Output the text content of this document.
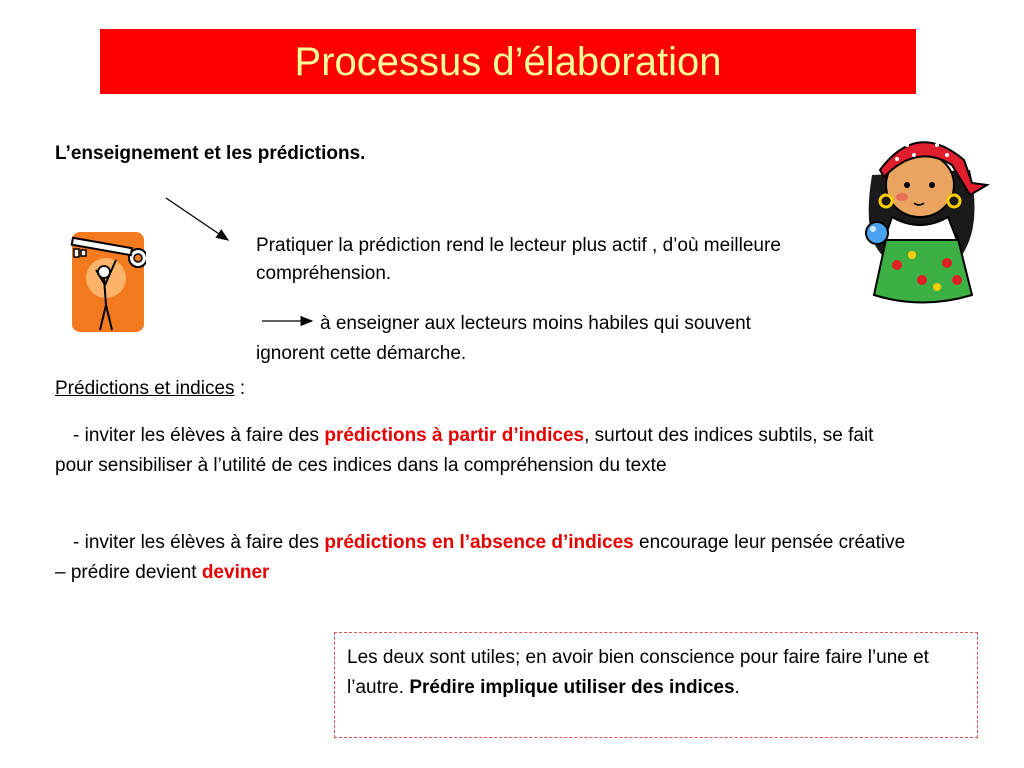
Processus d’élaboration
L’enseignement et les prédictions.
Pratiquer la prédiction rend le lecteur plus actif , d’où meilleure compréhension.
à enseigner aux lecteurs moins habiles qui souvent ignorent cette démarche.
Prédictions et indices :
- inviter les élèves à faire des prédictions à partir d’indices, surtout des indices subtils, se fait pour sensibiliser à l’utilité de ces indices dans la compréhension du texte
- inviter les élèves à faire des prédictions en l’absence d’indices encourage leur pensée créative – prédire devient deviner
Les deux sont utiles; en avoir bien conscience pour faire faire l’une et l’autre. Prédire implique utiliser des indices.
